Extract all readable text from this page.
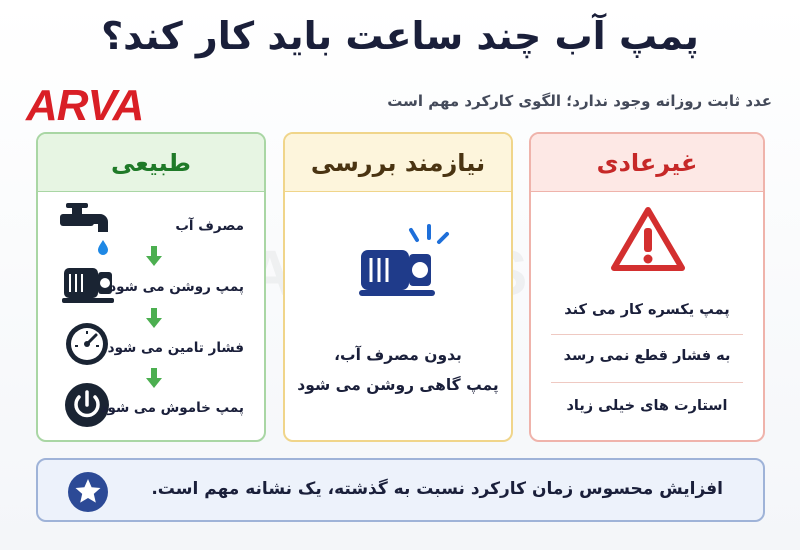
پمپ آب چند ساعت باید کار کند؟
ARVA	عدد ثابت روزانه وجود ندارد؛ الگوی کارکرد مهم است
طبیعی
مصرف آب
پمپ روشن می شود
فشار تامین می شود
پمپ خاموش می شود
نیازمند بررسی
بدون مصرف آب،
پمپ گاهی روشن می شود
غیرعادی
پمپ یکسره کار می کند
به فشار قطع نمی رسد
استارت های خیلی زیاد
افزایش محسوس زمان کارکرد نسبت به گذشته، یک نشانه مهم است.
